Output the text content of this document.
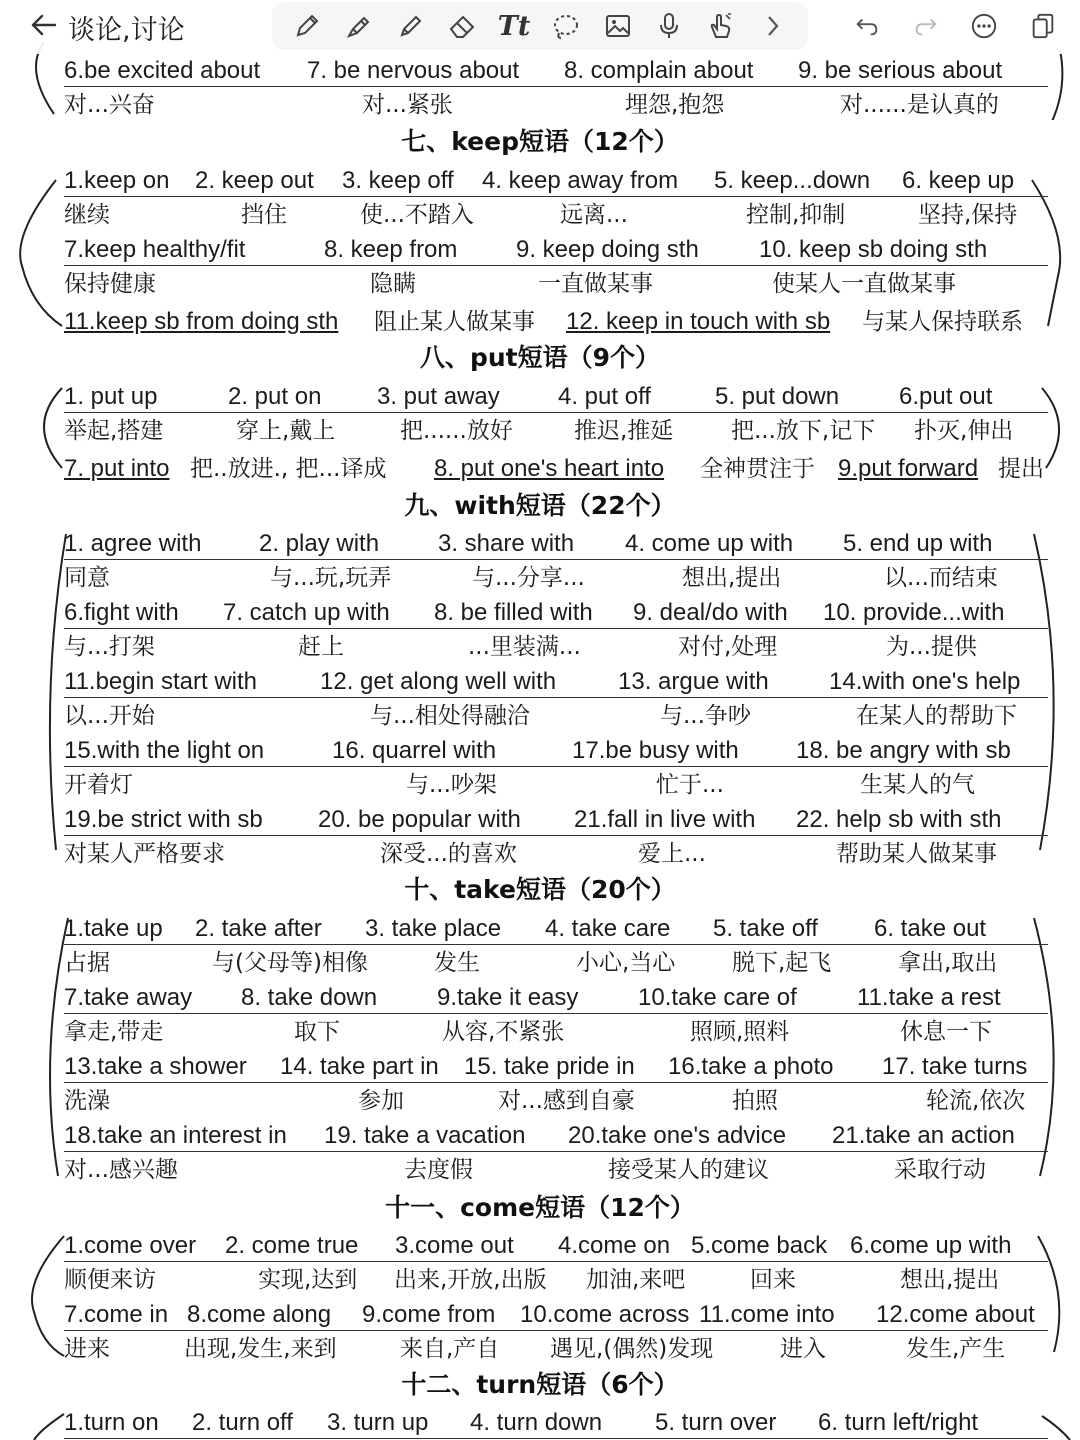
6.be excited about 7. be nervous about 8. complain about 9. be serious about
对...兴奋	对...紧张	埋怨,抱怨	对......是认真的
七、keep短语（12个）
1.keep on 2. keep out 3. keep off 4. keep away from 5. keep...down 6. keep up
继续	挡住	使...不踏入	远离...	控制,抑制	坚持,保持
7.keep healthy/fit	8. keep from 9. keep doing sth	10. keep sb doing sth
保持健康	隐瞒	一直做某事	使某人一直做某事
11.keep sb from doing sth 阻止某人做某事 12. keep in touch with sb 与某人保持联系
八、put短语（9个）
1. put up	2. put on 3. put away 4. put off	5. put down 6.put out
举起,搭建	穿上,戴上	把......放好	推迟,推延	把...放下,记下 扑灭,伸出
7. put into 把..放进., 把...译成 8. put one's heart into 全神贯注于 9.put forward 提出
九、with短语（22个）
1. agree with 2. play with 3. share with 4. come up with 5. end up with
同意	与...玩,玩弄	与...分享...	想出,提出	以...而结束
6.fight with 7. catch up with 8. be filled with 9. deal/do with 10. provide...with
与...打架	赶上	...里装满...	对付,处理	为...提供
11.begin start with	12. get along well with	13. argue with	14.with one's help
以...开始	与...相处得融洽	与...争吵	在某人的帮助下
15.with the light on	16. quarrel with	17.be busy with 18. be angry with sb
开着灯	与...吵架	忙于...	生某人的气
19.be strict with sb 20. be popular with 21.fall in live with 22. help sb with sth
对某人严格要求	深受...的喜欢	爱上...	帮助某人做某事
十、take短语（20个）
1.take up 2. take after 3. take place 4. take care 5. take off 6. take out
占据	与(父母等)相像	发生	小心,当心 脱下,起飞	拿出,取出
7.take away 8. take down 9.take it easy 10.take care of	11.take a rest
拿走,带走	取下	从容,不紧张	照顾,照料	休息一下
13.take a shower 14. take part in 15. take pride in 16.take a photo 17. take turns
洗澡	参加	对...感到自豪	拍照	轮流,依次
18.take an interest in 19. take a vacation 20.take one's advice 21.take an action
对...感兴趣	去度假	接受某人的建议	采取行动
十一、come短语（12个）
1.come over 2. come true 3.come out 4.come on 5.come back 6.come up with
顺便来访	实现,达到 出来,开放,出版 加油,来吧	回来	想出,提出
7.come in 8.come along 9.come from 10.come across 11.come into 12.come about
进来	出现,发生,来到	来自,产自 遇见,(偶然)发现	进入	发生,产生
十二、turn短语（6个）
1.turn on 2. turn off 3. turn up 4. turn down 5. turn over 6. turn left/right
谈论,讨论	Tt
